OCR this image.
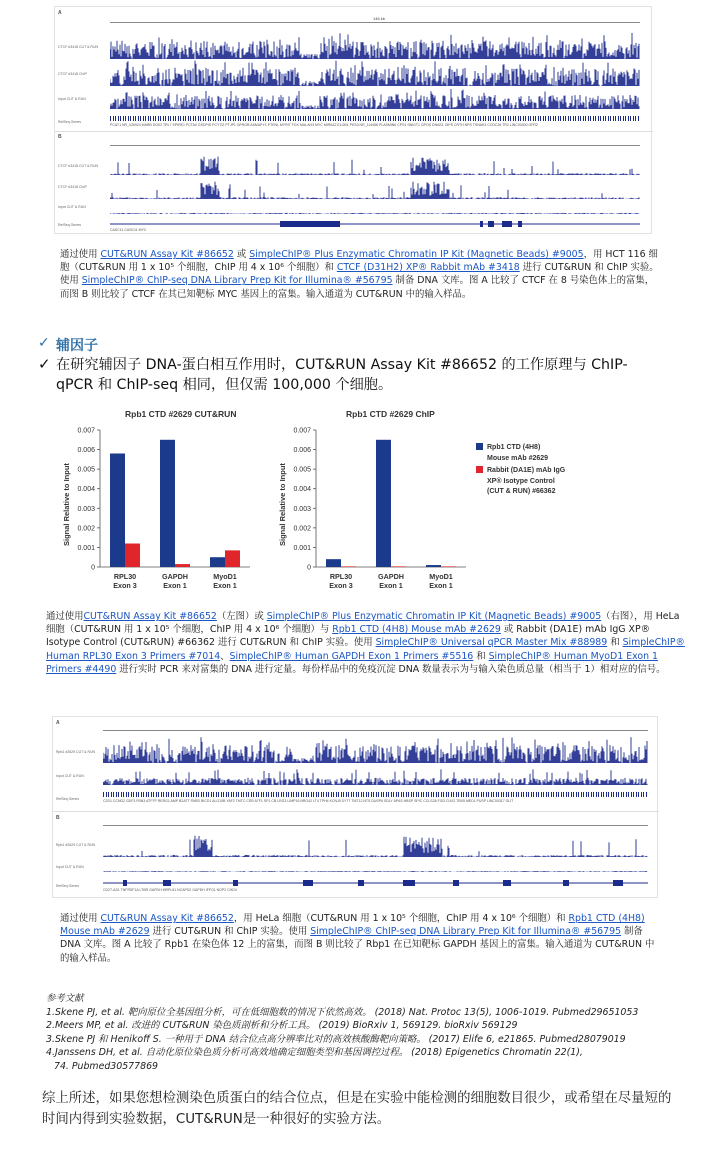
A
146 kb
CTCF #3418 CUT & RUN
CTCF #3418 ChIP
Input CUT & RUN
RefSeq Genes
PCAT1 NR_026924 MARB SOX2 TRL7 SPIRE1 PCTAII GSDPIS PCYTI2 PTJP1 GPRGB ASMAPY1 PTENL MYRIT FOX MIA-AH3 MYC MIR0A2 ELOB1 PKS3 NR_114458 PLASMIN6 CPS1 SNIGT1 GPOS DNAS1 GIPS CRTH NPS TSNAK3 CCDC26 TR2 LINC00300 GFR2
B
CTCF #3418 CUT & RUN
CTCF #3418 ChIP
Input CUT & RUN
RefSeq Genes
CASC11 CASC11 MYC
通过使用 CUT&RUN Assay Kit #86652 或 SimpleChIP® Plus Enzymatic Chromatin IP Kit (Magnetic Beads) #9005，用 HCT 116 细胞（CUT&RUN 用 1 x 10⁵ 个细胞，ChIP 用 4 x 10⁶ 个细胞）和 CTCF (D31H2) XP® Rabbit mAb #3418 进行 CUT&RUN 和 ChIP 实验。使用 SimpleChIP® ChIP-seq DNA Library Prep Kit for Illumina® #56795 制备 DNA 文库。图 A 比较了 CTCF 在 8 号染色体上的富集，而图 B 则比较了 CTCF 在其已知靶标 MYC 基因上的富集。输入通道为 CUT&RUN 中的输入样品。
✓ 辅因子
✓ 在研究辅因子 DNA-蛋白相互作用时，CUT&RUN Assay Kit #86652 的工作原理与 ChIP-qPCR 和 ChIP-seq 相同，但仅需 100,000 个细胞。
Rpb1 CTD #2629 CUT&RUN
Signal Relative to Input
0
0.001
0.002
0.003
0.004
0.005
0.006
0.007
RPL30
Exon 3
GAPDH
Exon 1
MyoD1
Exon 1
Rpb1 CTD #2629 ChIP
Signal Relative to Input
0
0.001
0.002
0.003
0.004
0.005
0.006
0.007
RPL30
Exon 3
GAPDH
Exon 1
MyoD1
Exon 1
Rpb1 CTD (4H8)
Mouse mAb #2629
Rabbit (DA1E) mAb IgG
XP® Isotype Control
(CUT & RUN) #66362
通过使用CUT&RUN Assay Kit #86652（左图）或 SimpleChIP® Plus Enzymatic Chromatin IP Kit (Magnetic Beads) #9005（右图），用 HeLa 细胞（CUT&RUN 用 1 x 10⁵ 个细胞，ChIP 用 4 x 10⁶ 个细胞）与 Rpb1 CTD (4H8) Mouse mAb #2629 或 Rabbit (DA1E) mAb IgG XP® Isotype Control (CUT&RUN) #66362 进行 CUT&RUN 和 ChIP 实验。使用 SimpleChIP® Universal qPCR Master Mix #88989 和 SimpleChIP® Human RPL30 Exon 3 Primers #7014、SimpleChIP® Human GAPDH Exon 1 Primers #5516 和 SimpleChIP® Human MyoD1 Exon 1 Primers #4490 进行实时 PCR 来对富集的 DNA 进行定量。每份样品中的免疫沉淀 DNA 数量表示为与输入染色质总量（相当于 1）相对应的信号。
A
Rpb1 #2629 CUT & RUN
Input CUT & RUN
RefSeq Genes	C2D1 CCND2 GDF3 FBN3 ATP7P RERG1 AMP B2ATT PARD BICD1 ALG10B YAF2 TMTC CSR ATF1 SP1 CB LRG3 LIMP16 NRG42 LT4 TPH4 KCNJ5 SYT7 TMT12 NTS DUSP6 SDLY APAS HBSP SPIC CCLS2A FGD CUX2 TBX5 MEDL PUSP LINC00317 GLIT
B
Rpb1 #2629 CUT & RUN
Input CUT & RUN
RefSeq Genes
CD2T-AS1 TNFRSF1A LTBR GAPDH MRPL61 NCAPD2 GAPDH IFFO1 NOP2 CHD4
通过使用 CUT&RUN Assay Kit #86652，用 HeLa 细胞（CUT&RUN 用 1 x 10⁵ 个细胞，ChIP 用 4 x 10⁶ 个细胞）和 Rpb1 CTD (4H8) Mouse mAb #2629 进行 CUT&RUN 和 ChIP 实验。使用 SimpleChIP® ChIP-seq DNA Library Prep Kit for Illumina® #56795 制备 DNA 文库。图 A 比较了 Rpb1 在染色体 12 上的富集，而图 B 则比较了 Rbp1 在已知靶标 GAPDH 基因上的富集。输入通道为 CUT&RUN 中的输入样品。
参考文献
1.Skene PJ, et al. 靶向原位全基因组分析，可在低细胞数的情况下依然高效。 (2018) Nat. Protoc 13(5), 1006-1019. Pubmed29651053
2.Meers MP, et al. 改进的 CUT&RUN 染色质剖析和分析工具。 (2019) BioRxiv 1, 569129. bioRxiv 569129
3.Skene PJ 和 Henikoff S. 一种用于 DNA 结合位点高分辨率比对的高效核酸酶靶向策略。 (2017) Elife 6, e21865. Pubmed28079019
4.Janssens DH, et al. 自动化原位染色质分析可高效地确定细胞类型和基因调控过程。 (2018) Epigenetics Chromatin 22(1),
74. Pubmed30577869
综上所述，如果您想检测染色质蛋白的结合位点，但是在实验中能检测的细胞数目很少，或希望在尽量短的时间内得到实验数据，CUT&RUN是一种很好的实验方法。
